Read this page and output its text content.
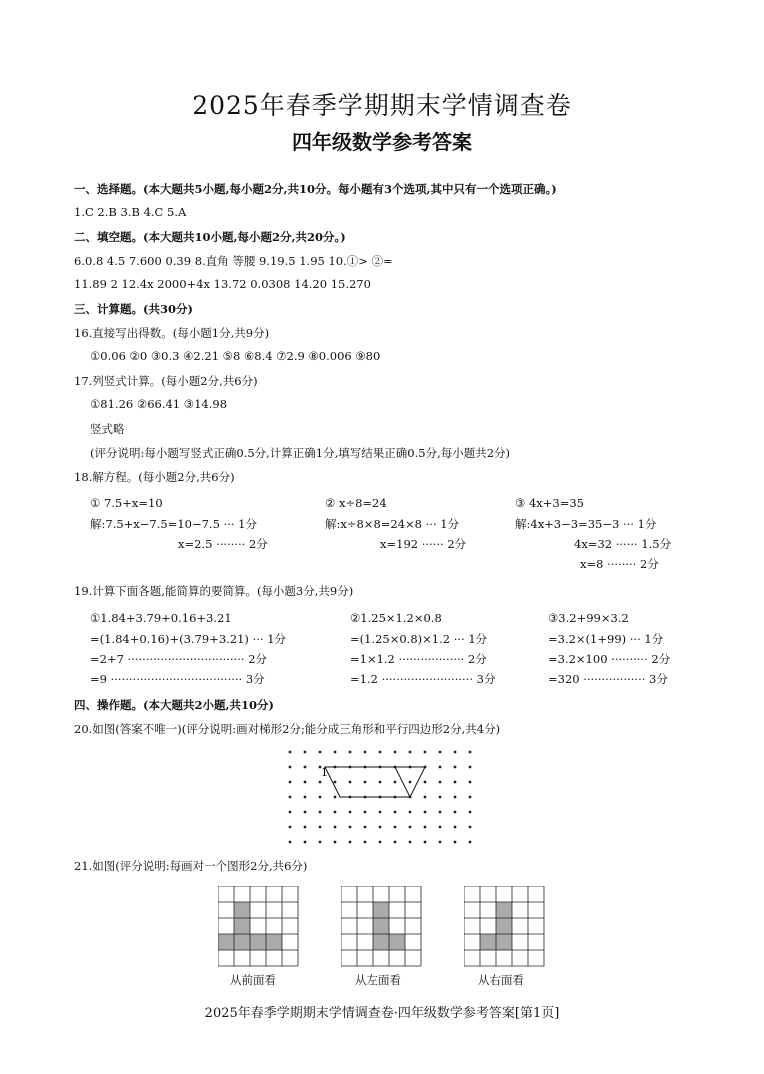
2025年春季学期期末学情调查卷
四年级数学参考答案
一、选择题。(本大题共5小题,每小题2分,共10分。每小题有3个选项,其中只有一个选项正确。)
1.C 2.B 3.B 4.C 5.A
二、填空题。(本大题共10小题,每小题2分,共20分。)
6.0.8 4.5 7.600 0.39 8.直角 等腰 9.19.5 1.95 10.①> ②=
11.89 2 12.4x 2000+4x 13.72 0.0308 14.20 15.270
三、计算题。(共30分)
16.直接写出得数。(每小题1分,共9分)
①0.06 ②0 ③0.3 ④2.21 ⑤8 ⑥8.4 ⑦2.9 ⑧0.006 ⑨80
17.列竖式计算。(每小题2分,共6分)
①81.26 ②66.41 ③14.98
竖式略
(评分说明:每小题写竖式正确0.5分,计算正确1分,填写结果正确0.5分,每小题共2分)
18.解方程。(每小题2分,共6分)
① 7.5+x=10
解:7.5+x−7.5=10−7.5 ··· 1分
x=2.5 ········ 2分
② x÷8=24
解:x÷8×8=24×8 ··· 1分
x=192 ······ 2分
③ 4x+3=35
解:4x+3−3=35−3 ··· 1分
4x=32 ······ 1.5分
x=8 ········ 2分
19.计算下面各题,能简算的要简算。(每小题3分,共9分)
①1.84+3.79+0.16+3.21
=(1.84+0.16)+(3.79+3.21) ··· 1分
=2+7 ································ 2分
=9 ···································· 3分
②1.25×1.2×0.8
=(1.25×0.8)×1.2 ··· 1分
=1×1.2 ·················· 2分
=1.2 ························· 3分
③3.2+99×3.2
=3.2×(1+99) ··· 1分
=3.2×100 ·········· 2分
=320 ················· 3分
四、操作题。(本大题共2小题,共10分)
20.如图(答案不唯一)(评分说明:画对梯形2分;能分成三角形和平行四边形2分,共4分)
1
21.如图(评分说明:每画对一个图形2分,共6分)
从前面看	从左面看	从右面看
2025年春季学期期末学情调查卷·四年级数学参考答案[第1页]
